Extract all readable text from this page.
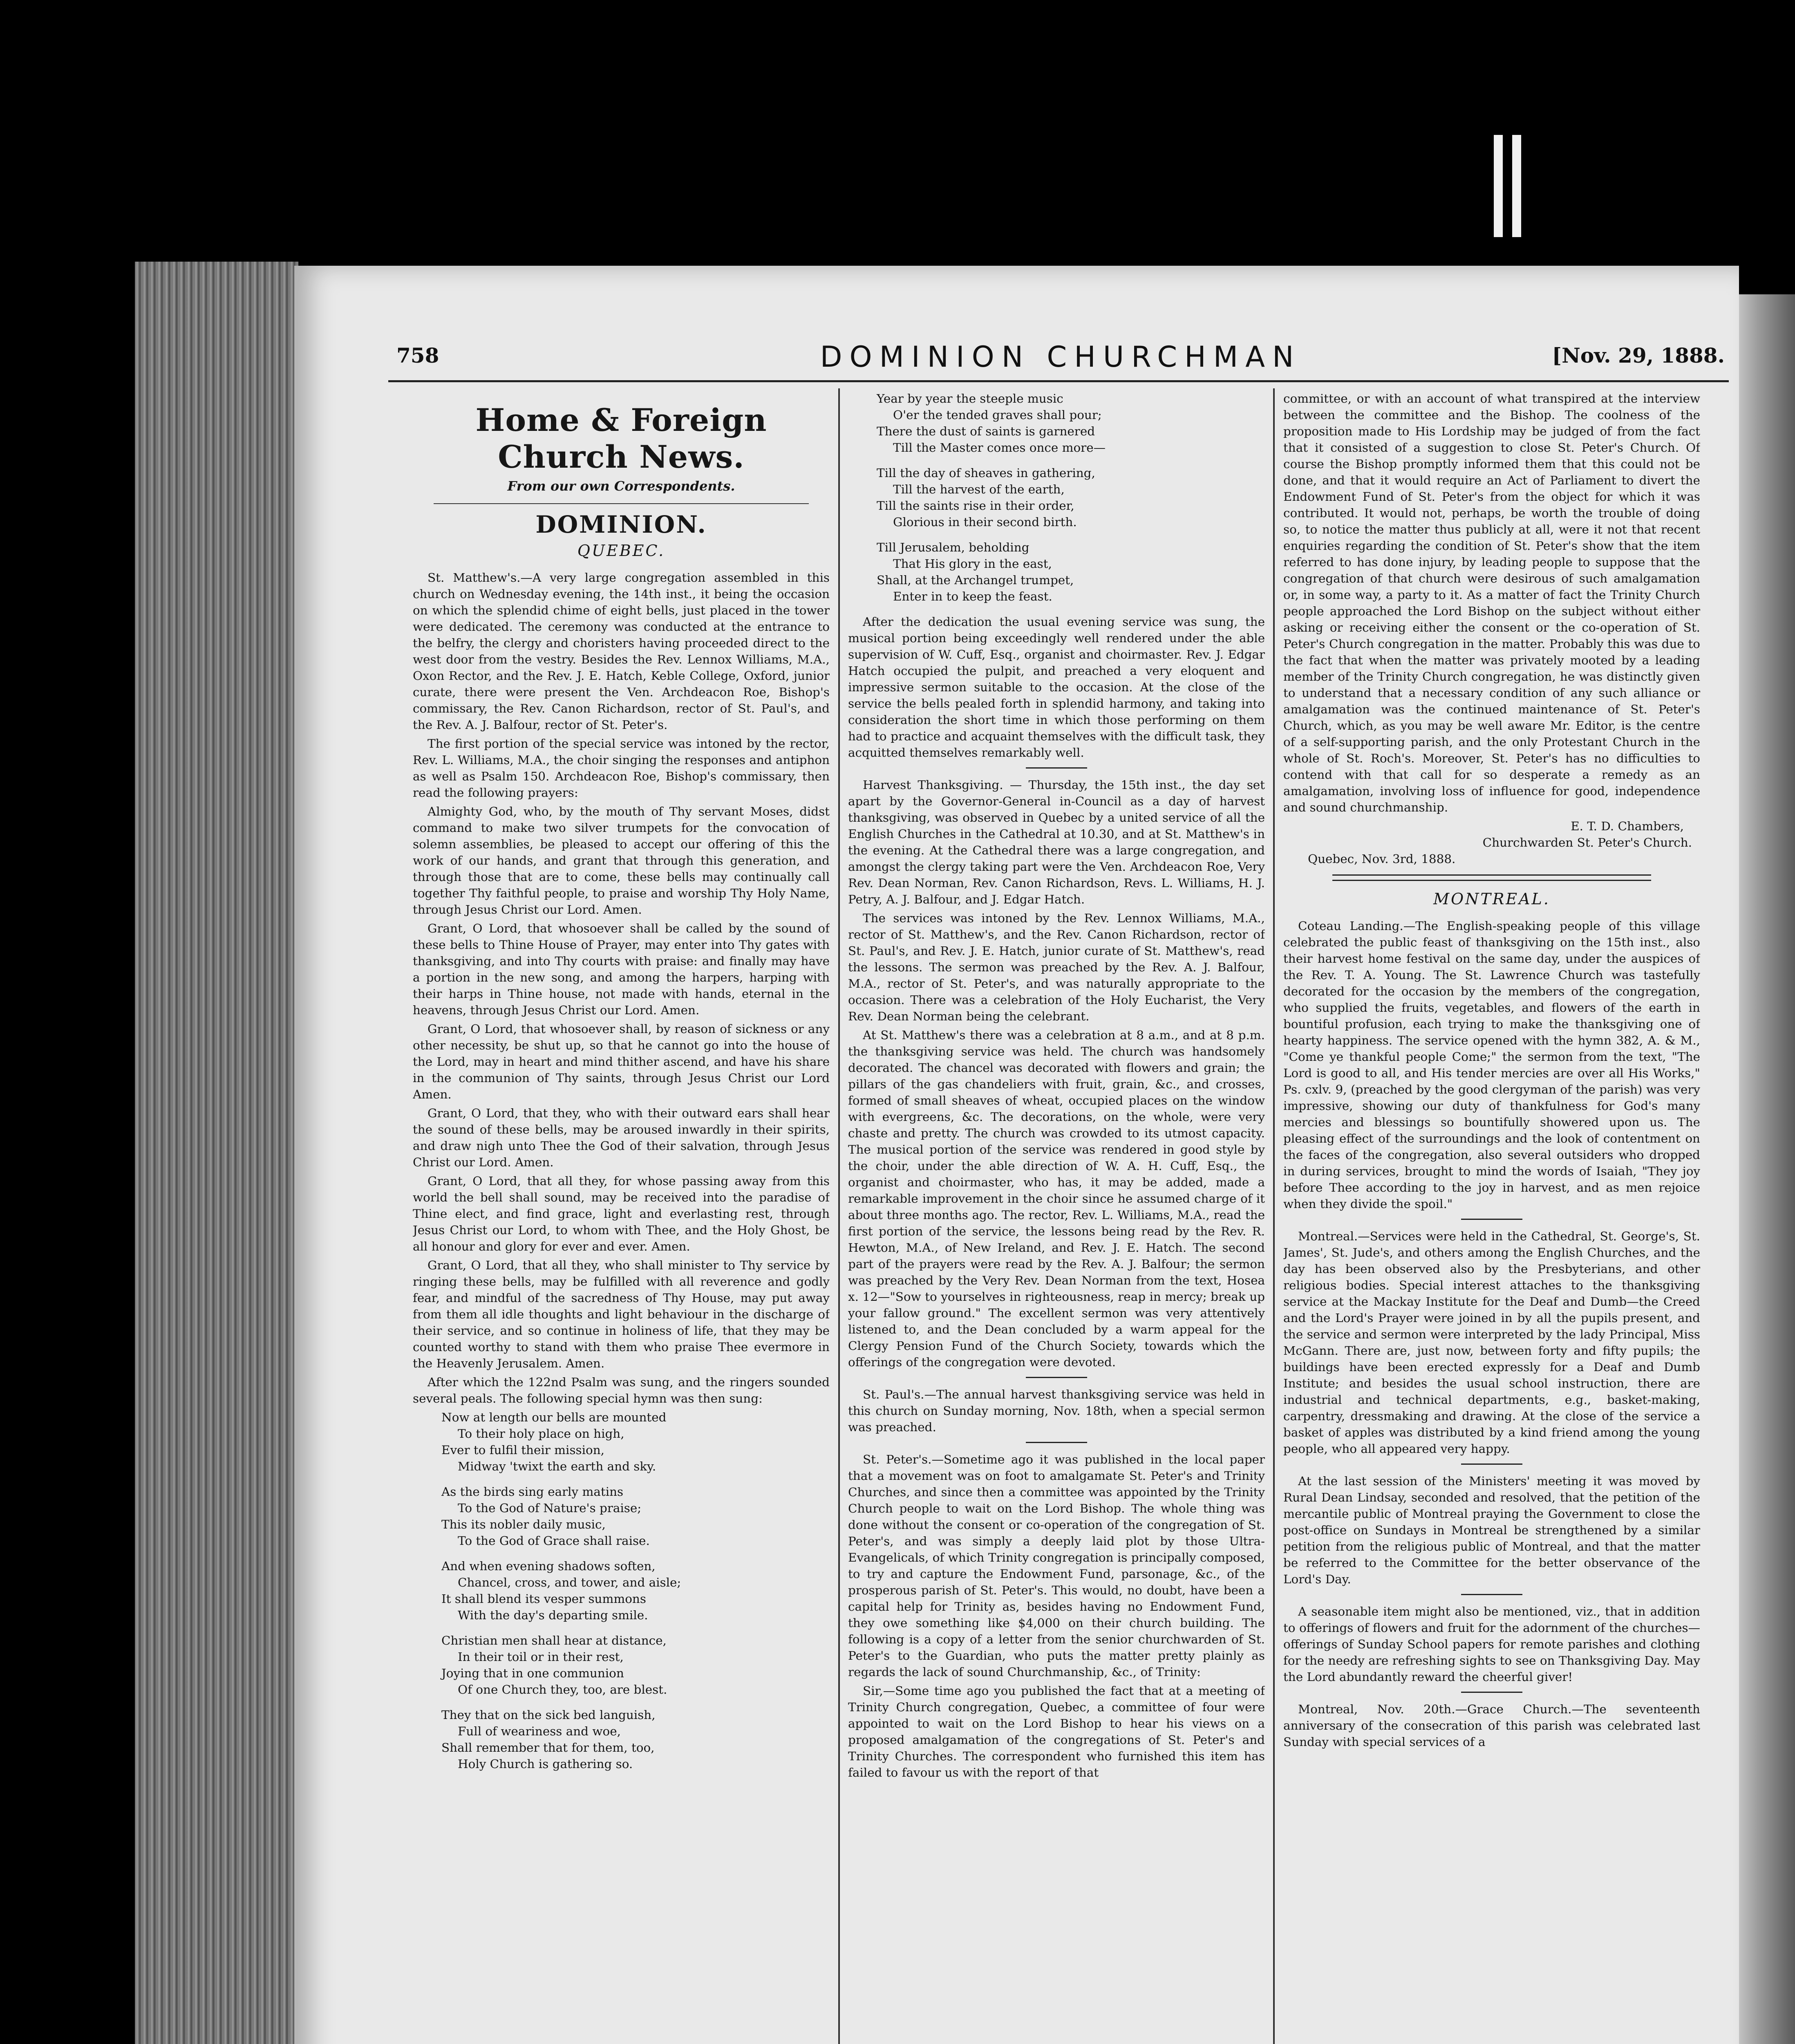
758	DOMINION CHURCHMAN	[Nov. 29, 1888.
Home & Foreign Church News.
From our own Correspondents.
DOMINION.
QUEBEC.

St. Matthew's.—A very large congregation assembled in this church on Wednesday evening, the 14th inst., it being the occasion on which the splendid chime of eight bells, just placed in the tower were dedicated. The ceremony was conducted at the entrance to the belfry, the clergy and choristers having proceeded direct to the west door from the vestry. Besides the Rev. Lennox Williams, M.A., Oxon Rector, and the Rev. J. E. Hatch, Keble College, Oxford, junior curate, there were present the Ven. Archdeacon Roe, Bishop's commissary, the Rev. Canon Richardson, rector of St. Paul's, and the Rev. A. J. Balfour, rector of St. Peter's.

The first portion of the special service was intoned by the rector, Rev. L. Williams, M.A., the choir singing the responses and antiphon as well as Psalm 150. Archdeacon Roe, Bishop's commissary, then read the following prayers:

Almighty God, who, by the mouth of Thy servant Moses, didst command to make two silver trumpets for the convocation of solemn assemblies, be pleased to accept our offering of this the work of our hands, and grant that through this generation, and through those that are to come, these bells may continually call together Thy faithful people, to praise and worship Thy Holy Name, through Jesus Christ our Lord. Amen.

Grant, O Lord, that whosoever shall be called by the sound of these bells to Thine House of Prayer, may enter into Thy gates with thanksgiving, and into Thy courts with praise: and finally may have a portion in the new song, and among the harpers, harping with their harps in Thine house, not made with hands, eternal in the heavens, through Jesus Christ our Lord. Amen.

Grant, O Lord, that whosoever shall, by reason of sickness or any other necessity, be shut up, so that he cannot go into the house of the Lord, may in heart and mind thither ascend, and have his share in the communion of Thy saints, through Jesus Christ our Lord Amen.

Grant, O Lord, that they, who with their outward ears shall hear the sound of these bells, may be aroused inwardly in their spirits, and draw nigh unto Thee the God of their salvation, through Jesus Christ our Lord. Amen.

Grant, O Lord, that all they, for whose passing away from this world the bell shall sound, may be received into the paradise of Thine elect, and find grace, light and everlasting rest, through Jesus Christ our Lord, to whom with Thee, and the Holy Ghost, be all honour and glory for ever and ever. Amen.

Grant, O Lord, that all they, who shall minister to Thy service by ringing these bells, may be fulfilled with all reverence and godly fear, and mindful of the sacredness of Thy House, may put away from them all idle thoughts and light behaviour in the discharge of their service, and so continue in holiness of life, that they may be counted worthy to stand with them who praise Thee evermore in the Heavenly Jerusalem. Amen.

After which the 122nd Psalm was sung, and the ringers sounded several peals. The following special hymn was then sung:

Now at length our bells are mounted
To their holy place on high,
Ever to fulfil their mission,
Midway 'twixt the earth and sky.
As the birds sing early matins
To the God of Nature's praise;
This its nobler daily music,
To the God of Grace shall raise.
And when evening shadows soften,
Chancel, cross, and tower, and aisle;
It shall blend its vesper summons
With the day's departing smile.
Christian men shall hear at distance,
In their toil or in their rest,
Joying that in one communion
Of one Church they, too, are blest.
They that on the sick bed languish,
Full of weariness and woe,
Shall remember that for them, too,
Holy Church is gathering so.
Year by year the steeple music
O'er the tended graves shall pour;
There the dust of saints is garnered
Till the Master comes once more—
Till the day of sheaves in gathering,
Till the harvest of the earth,
Till the saints rise in their order,
Glorious in their second birth.
Till Jerusalem, beholding
That His glory in the east,
Shall, at the Archangel trumpet,
Enter in to keep the feast.

After the dedication the usual evening service was sung, the musical portion being exceedingly well rendered under the able supervision of W. Cuff, Esq., organist and choirmaster. Rev. J. Edgar Hatch occupied the pulpit, and preached a very eloquent and impressive sermon suitable to the occasion. At the close of the service the bells pealed forth in splendid harmony, and taking into consideration the short time in which those performing on them had to practice and acquaint themselves with the difficult task, they acquitted themselves remarkably well.

Harvest Thanksgiving. — Thursday, the 15th inst., the day set apart by the Governor-General in-Council as a day of harvest thanksgiving, was observed in Quebec by a united service of all the English Churches in the Cathedral at 10.30, and at St. Matthew's in the evening. At the Cathedral there was a large congregation, and amongst the clergy taking part were the Ven. Archdeacon Roe, Very Rev. Dean Norman, Rev. Canon Richardson, Revs. L. Williams, H. J. Petry, A. J. Balfour, and J. Edgar Hatch.

The services was intoned by the Rev. Lennox Williams, M.A., rector of St. Matthew's, and the Rev. Canon Richardson, rector of St. Paul's, and Rev. J. E. Hatch, junior curate of St. Matthew's, read the lessons. The sermon was preached by the Rev. A. J. Balfour, M.A., rector of St. Peter's, and was naturally appropriate to the occasion. There was a celebration of the Holy Eucharist, the Very Rev. Dean Norman being the celebrant.

At St. Matthew's there was a celebration at 8 a.m., and at 8 p.m. the thanksgiving service was held. The church was handsomely decorated. The chancel was decorated with flowers and grain; the pillars of the gas chandeliers with fruit, grain, &c., and crosses, formed of small sheaves of wheat, occupied places on the window with evergreens, &c. The decorations, on the whole, were very chaste and pretty. The church was crowded to its utmost capacity. The musical portion of the service was rendered in good style by the choir, under the able direction of W. A. H. Cuff, Esq., the organist and choirmaster, who has, it may be added, made a remarkable improvement in the choir since he assumed charge of it about three months ago. The rector, Rev. L. Williams, M.A., read the first portion of the service, the lessons being read by the Rev. R. Hewton, M.A., of New Ireland, and Rev. J. E. Hatch. The second part of the prayers were read by the Rev. A. J. Balfour; the sermon was preached by the Very Rev. Dean Norman from the text, Hosea x. 12—"Sow to yourselves in righteousness, reap in mercy; break up your fallow ground." The excellent sermon was very attentively listened to, and the Dean concluded by a warm appeal for the Clergy Pension Fund of the Church Society, towards which the offerings of the congregation were devoted.

St. Paul's.—The annual harvest thanksgiving service was held in this church on Sunday morning, Nov. 18th, when a special sermon was preached.

St. Peter's.—Sometime ago it was published in the local paper that a movement was on foot to amalgamate St. Peter's and Trinity Churches, and since then a committee was appointed by the Trinity Church people to wait on the Lord Bishop. The whole thing was done without the consent or co-operation of the congregation of St. Peter's, and was simply a deeply laid plot by those Ultra-Evangelicals, of which Trinity congregation is principally composed, to try and capture the Endowment Fund, parsonage, &c., of the prosperous parish of St. Peter's. This would, no doubt, have been a capital help for Trinity as, besides having no Endowment Fund, they owe something like $4,000 on their church building. The following is a copy of a letter from the senior churchwarden of St. Peter's to the Guardian, who puts the matter pretty plainly as regards the lack of sound Churchmanship, &c., of Trinity:

Sir,—Some time ago you published the fact that at a meeting of Trinity Church congregation, Quebec, a committee of four were appointed to wait on the Lord Bishop to hear his views on a proposed amalgamation of the congregations of St. Peter's and Trinity Churches. The correspondent who furnished this item has failed to favour us with the report of that

committee, or with an account of what transpired at the interview between the committee and the Bishop. The coolness of the proposition made to His Lordship may be judged of from the fact that it consisted of a suggestion to close St. Peter's Church. Of course the Bishop promptly informed them that this could not be done, and that it would require an Act of Parliament to divert the Endowment Fund of St. Peter's from the object for which it was contributed. It would not, perhaps, be worth the trouble of doing so, to notice the matter thus publicly at all, were it not that recent enquiries regarding the condition of St. Peter's show that the item referred to has done injury, by leading people to suppose that the congregation of that church were desirous of such amalgamation or, in some way, a party to it. As a matter of fact the Trinity Church people approached the Lord Bishop on the subject without either asking or receiving either the consent or the co-operation of St. Peter's Church congregation in the matter. Probably this was due to the fact that when the matter was privately mooted by a leading member of the Trinity Church congregation, he was distinctly given to understand that a necessary condition of any such alliance or amalgamation was the continued maintenance of St. Peter's Church, which, as you may be well aware Mr. Editor, is the centre of a self-supporting parish, and the only Protestant Church in the whole of St. Roch's. Moreover, St. Peter's has no difficulties to contend with that call for so desperate a remedy as an amalgamation, involving loss of influence for good, independence and sound churchmanship.

E. T. D. Chambers,
Churchwarden St. Peter's Church.
Quebec, Nov. 3rd, 1888.
MONTREAL.

Coteau Landing.—The English-speaking people of this village celebrated the public feast of thanksgiving on the 15th inst., also their harvest home festival on the same day, under the auspices of the Rev. T. A. Young. The St. Lawrence Church was tastefully decorated for the occasion by the members of the congregation, who supplied the fruits, vegetables, and flowers of the earth in bountiful profusion, each trying to make the thanksgiving one of hearty happiness. The service opened with the hymn 382, A. & M., "Come ye thankful people Come;" the sermon from the text, "The Lord is good to all, and His tender mercies are over all His Works," Ps. cxlv. 9, (preached by the good clergyman of the parish) was very impressive, showing our duty of thankfulness for God's many mercies and blessings so bountifully showered upon us. The pleasing effect of the surroundings and the look of contentment on the faces of the congregation, also several outsiders who dropped in during services, brought to mind the words of Isaiah, "They joy before Thee according to the joy in harvest, and as men rejoice when they divide the spoil."

Montreal.—Services were held in the Cathedral, St. George's, St. James', St. Jude's, and others among the English Churches, and the day has been observed also by the Presbyterians, and other religious bodies. Special interest attaches to the thanksgiving service at the Mackay Institute for the Deaf and Dumb—the Creed and the Lord's Prayer were joined in by all the pupils present, and the service and sermon were interpreted by the lady Principal, Miss McGann. There are, just now, between forty and fifty pupils; the buildings have been erected expressly for a Deaf and Dumb Institute; and besides the usual school instruction, there are industrial and technical departments, e.g., basket-making, carpentry, dressmaking and drawing. At the close of the service a basket of apples was distributed by a kind friend among the young people, who all appeared very happy.

At the last session of the Ministers' meeting it was moved by Rural Dean Lindsay, seconded and resolved, that the petition of the mercantile public of Montreal praying the Government to close the post-office on Sundays in Montreal be strengthened by a similar petition from the religious public of Montreal, and that the matter be referred to the Committee for the better observance of the Lord's Day.

A seasonable item might also be mentioned, viz., that in addition to offerings of flowers and fruit for the adornment of the churches—offerings of Sunday School papers for remote parishes and clothing for the needy are refreshing sights to see on Thanksgiving Day. May the Lord abundantly reward the cheerful giver!

Montreal, Nov. 20th.—Grace Church.—The seventeenth anniversary of the consecration of this parish was celebrated last Sunday with special services of a
